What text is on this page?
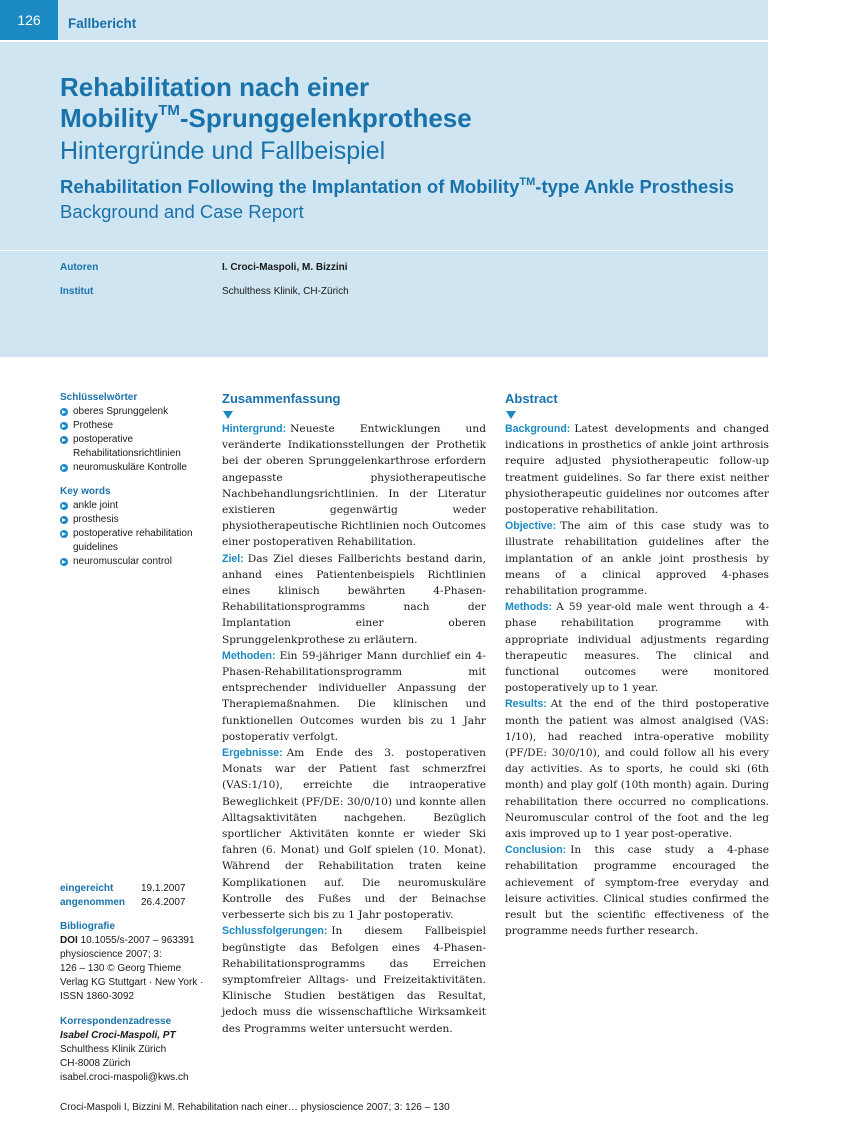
126	Fallbericht
Rehabilitation nach einer
Mobility™-Sprunggelenkprothese
Hintergründe und Fallbeispiel
Rehabilitation Following the Implantation of Mobility™-type Ankle Prosthesis
Background and Case Report
Autoren	I. Croci-Maspoli, M. Bizzini
Institut	Schulthess Klinik, CH-Zürich
Schlüsselwörter
oberes Sprunggelenk
Prothese
postoperative Rehabilitationsrichtlinien
neuromuskuläre Kontrolle
Key words
ankle joint
prosthesis
postoperative rehabilitation guidelines
neuromuscular control
eingereicht	19.1.2007
angenommen 26.4.2007
Bibliografie
DOI 10.1055/s-2007 – 963391
physioscience 2007; 3:
126 – 130 © Georg Thieme
Verlag KG Stuttgart · New York ·
ISSN 1860-3092
Korrespondenzadresse
Isabel Croci-Maspoli, PT
Schulthess Klinik Zürich
CH-8008 Zürich
isabel.croci-maspoli@kws.ch
Zusammenfassung
Hintergrund: Neueste Entwicklungen und veränderte Indikationsstellungen der Prothetik bei der oberen Sprunggelenkarthrose erfordern angepasste physiotherapeutische Nachbehandlungsrichtlinien. In der Literatur existieren gegenwärtig weder physiotherapeutische Richtlinien noch Outcomes einer postoperativen Rehabilitation.
Ziel: Das Ziel dieses Fallberichts bestand darin, anhand eines Patientenbeispiels Richtlinien eines klinisch bewährten 4-Phasen-Rehabilitationsprogramms nach der Implantation einer oberen Sprunggelenkprothese zu erläutern.
Methoden: Ein 59-jähriger Mann durchlief ein 4-Phasen-Rehabilitationsprogramm mit entsprechender individueller Anpassung der Therapiemaßnahmen. Die klinischen und funktionellen Outcomes wurden bis zu 1 Jahr postoperativ verfolgt.
Ergebnisse: Am Ende des 3. postoperativen Monats war der Patient fast schmerzfrei (VAS:1/10), erreichte die intraoperative Beweglichkeit (PF/DE: 30/0/10) und konnte allen Alltagsaktivitäten nachgehen. Bezüglich sportlicher Aktivitäten konnte er wieder Ski fahren (6. Monat) und Golf spielen (10. Monat). Während der Rehabilitation traten keine Komplikationen auf. Die neuromuskuläre Kontrolle des Fußes und der Beinachse verbesserte sich bis zu 1 Jahr postoperativ.
Schlussfolgerungen: In diesem Fallbeispiel begünstigte das Befolgen eines 4-Phasen-Rehabilitationsprogramms das Erreichen symptomfreier Alltags- und Freizeitaktivitäten. Klinische Studien bestätigen das Resultat, jedoch muss die wissenschaftliche Wirksamkeit des Programms weiter untersucht werden.
Abstract
Background: Latest developments and changed indications in prosthetics of ankle joint arthrosis require adjusted physiotherapeutic follow-up treatment guidelines. So far there exist neither physiotherapeutic guidelines nor outcomes after postoperative rehabilitation.
Objective: The aim of this case study was to illustrate rehabilitation guidelines after the implantation of an ankle joint prosthesis by means of a clinical approved 4-phases rehabilitation programme.
Methods: A 59 year-old male went through a 4-phase rehabilitation programme with appropriate individual adjustments regarding therapeutic measures. The clinical and functional outcomes were monitored postoperatively up to 1 year.
Results: At the end of the third postoperative month the patient was almost analgised (VAS: 1/10), had reached intra-operative mobility (PF/DE: 30/0/10), and could follow all his every day activities. As to sports, he could ski (6th month) and play golf (10th month) again. During rehabilitation there occurred no complications. Neuromuscular control of the foot and the leg axis improved up to 1 year post-operative.
Conclusion: In this case study a 4-phase rehabilitation programme encouraged the achievement of symptom-free everyday and leisure activities. Clinical studies confirmed the result but the scientific effectiveness of the programme needs further research.
Croci-Maspoli I, Bizzini M. Rehabilitation nach einer… physioscience 2007; 3: 126 – 130
